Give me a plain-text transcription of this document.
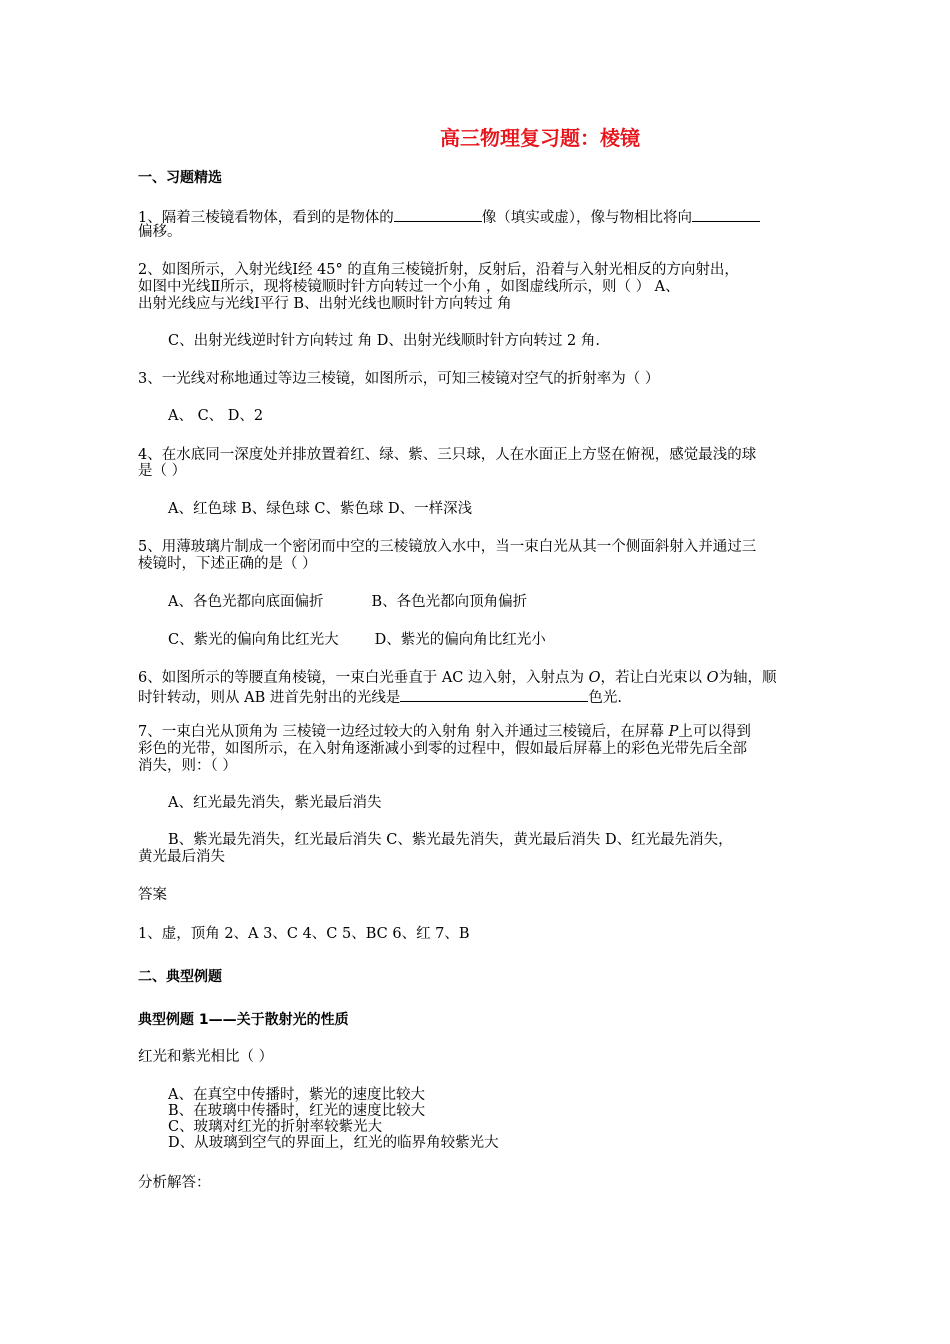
高三物理复习题：棱镜
一、习题精选
1、隔着三棱镜看物体，看到的是物体的	像（填实或虚），像与物相比将向
偏移。
2、如图所示，入射光线Ⅰ经 45° 的直角三棱镜折射，反射后，沿着与入射光相反的方向射出，
如图中光线Ⅱ所示，现将棱镜顺时针方向转过一个小角 ，如图虚线所示，则（ ） A、
出射光线应与光线Ⅰ平行 B、出射光线也顺时针方向转过 角
C、出射光线逆时针方向转过 角 D、出射光线顺时针方向转过 2 角.
3、一光线对称地通过等边三棱镜，如图所示，可知三棱镜对空气的折射率为（ ）
A、 C、 D、2
4、在水底同一深度处并排放置着红、绿、紫、三只球，人在水面正上方竖在俯视，感觉最浅的球
是（ ）
A、红色球 B、绿色球 C、紫色球 D、一样深浅
5、用薄玻璃片制成一个密闭而中空的三棱镜放入水中，当一束白光从其一个侧面斜射入并通过三
棱镜时，下述正确的是（ ）
A、各色光都向底面偏折	B、各色光都向顶角偏折
C、紫光的偏向角比红光大 D、紫光的偏向角比红光小
6、如图所示的等腰直角棱镜，一束白光垂直于 AC 边入射，入射点为 O，若让白光束以 O为轴，顺
时针转动，则从 AB 进首先射出的光线是	色光.
7、一束白光从顶角为 三棱镜一边经过较大的入射角 射入并通过三棱镜后，在屏幕 P上可以得到
彩色的光带，如图所示，在入射角逐渐减小到零的过程中，假如最后屏幕上的彩色光带先后全部
消失，则：（ ）
A、红光最先消失，紫光最后消失
B、紫光最先消失，红光最后消失 C、紫光最先消失，黄光最后消失 D、红光最先消失，
黄光最后消失
答案
1、虚，顶角 2、A 3、C 4、C 5、BC 6、红 7、B
二、典型例题
典型例题 1——关于散射光的性质
红光和紫光相比（ ）
A、在真空中传播时，紫光的速度比较大
B、在玻璃中传播时，红光的速度比较大
C、玻璃对红光的折射率较紫光大
D、从玻璃到空气的界面上，红光的临界角较紫光大
分析解答：
